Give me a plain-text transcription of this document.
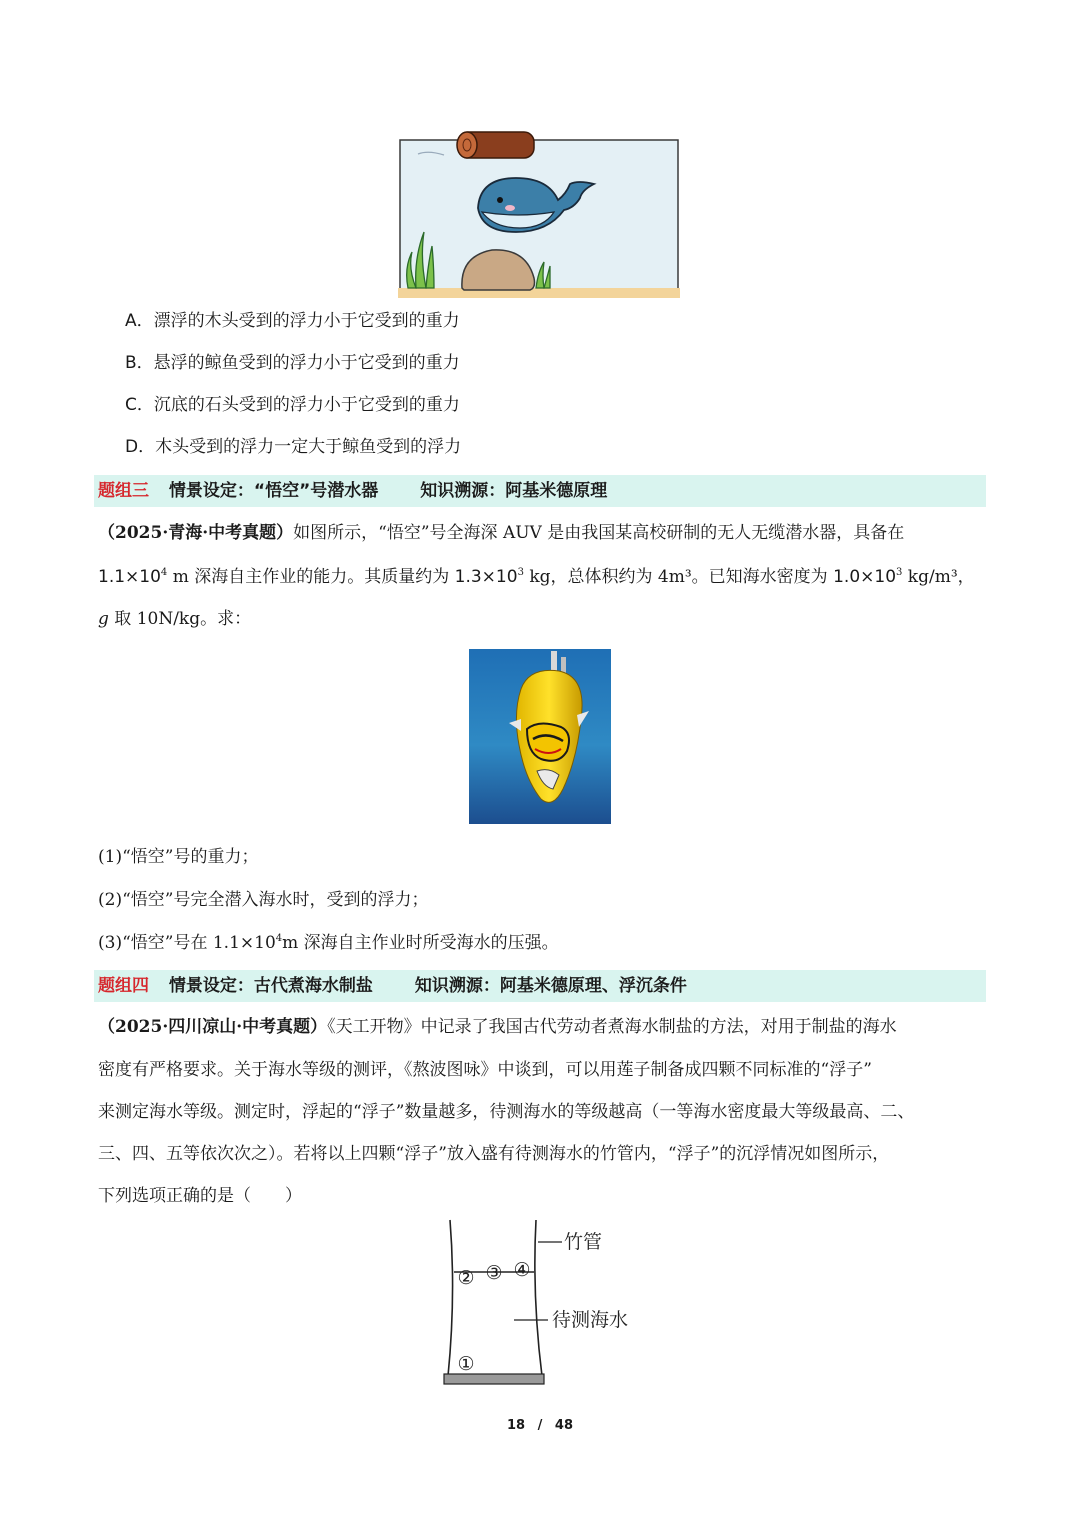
A．漂浮的木头受到的浮力小于它受到的重力
B．悬浮的鲸鱼受到的浮力小于它受到的重力
C．沉底的石头受到的浮力小于它受到的重力
D．木头受到的浮力一定大于鲸鱼受到的浮力
题组三 情景设定：“悟空”号潜水器 知识溯源：阿基米德原理
（2025·青海·中考真题）如图所示，“悟空”号全海深 AUV 是由我国某高校研制的无人无缆潜水器，具备在
$1.1\times 10^4$ m 深海自主作业的能力。其质量约为 $1.3\times 10^3$ kg，总体积约为 4m³。已知海水密度为 $1.0\times 10^3$ kg/m³，
g 取 10N/kg。求：
(1)“悟空”号的重力；
(2)“悟空”号完全潜入海水时，受到的浮力；
(3)“悟空”号在 $1.1\times 10^4m$ 深海自主作业时所受海水的压强。
题组四 情景设定：古代煮海水制盐 知识溯源：阿基米德原理、浮沉条件
（2025·四川凉山·中考真题）《天工开物》中记录了我国古代劳动者煮海水制盐的方法，对用于制盐的海水
密度有严格要求。关于海水等级的测评，《熬波图咏》中谈到，可以用莲子制备成四颗不同标准的“浮子”
来测定海水等级。测定时，浮起的“浮子”数量越多，待测海水的等级越高（一等海水密度最大等级最高、二、
三、四、五等依次次之）。若将以上四颗“浮子”放入盛有待测海水的竹管内，“浮子”的沉浮情况如图所示，
下列选项正确的是（　　）
② ③ ④
①
竹管
待测海水
18 / 48
